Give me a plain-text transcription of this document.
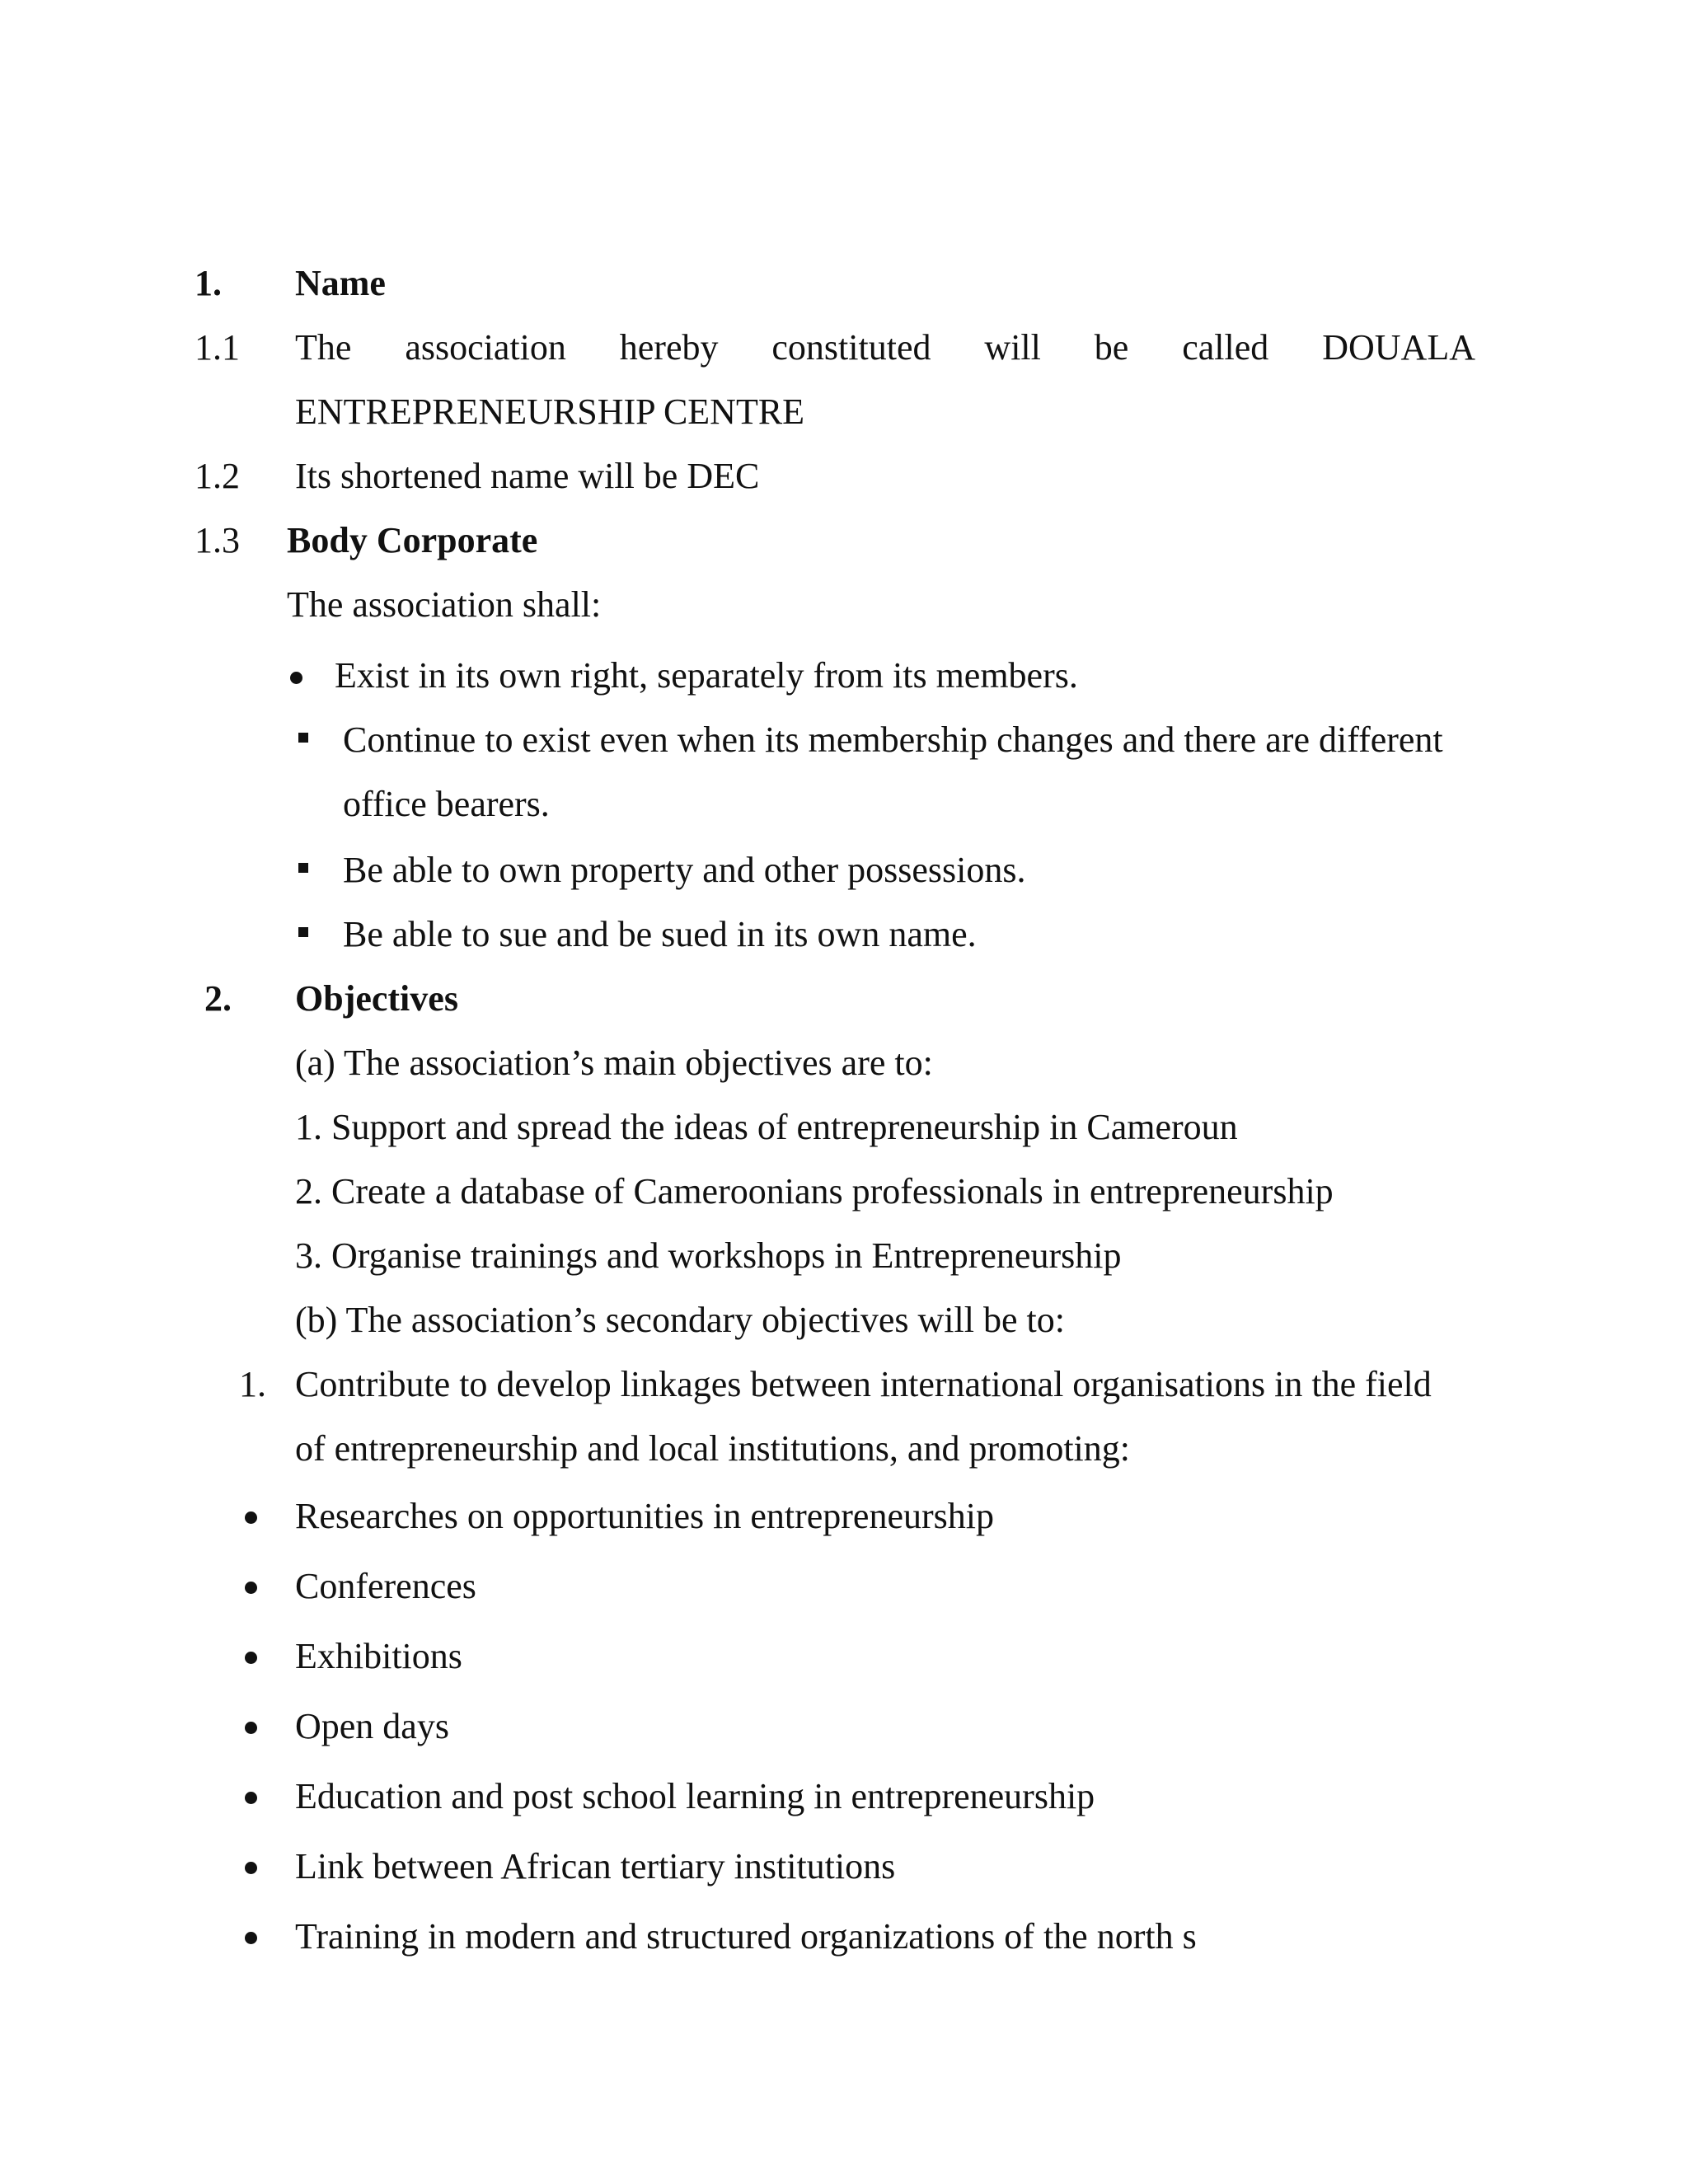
1. Name
1.1 The association hereby constituted will be called DOUALA
ENTREPRENEURSHIP CENTRE
1.2 Its shortened name will be DEC
1.3 Body Corporate
The association shall:
Exist in its own right, separately from its members.
Continue to exist even when its membership changes and there are different
office bearers.
Be able to own property and other possessions.
Be able to sue and be sued in its own name.
2. Objectives
(a) The association’s main objectives are to:
1. Support and spread the ideas of entrepreneurship in Cameroun
2. Create a database of Cameroonians professionals in entrepreneurship
3. Organise trainings and workshops in Entrepreneurship
(b) The association’s secondary objectives will be to:
1. Contribute to develop linkages between international organisations in the field
of entrepreneurship and local institutions, and promoting:
Researches on opportunities in entrepreneurship
Conferences
Exhibitions
Open days
Education and post school learning in entrepreneurship
Link between African tertiary institutions
Training in modern and structured organizations of the north s
